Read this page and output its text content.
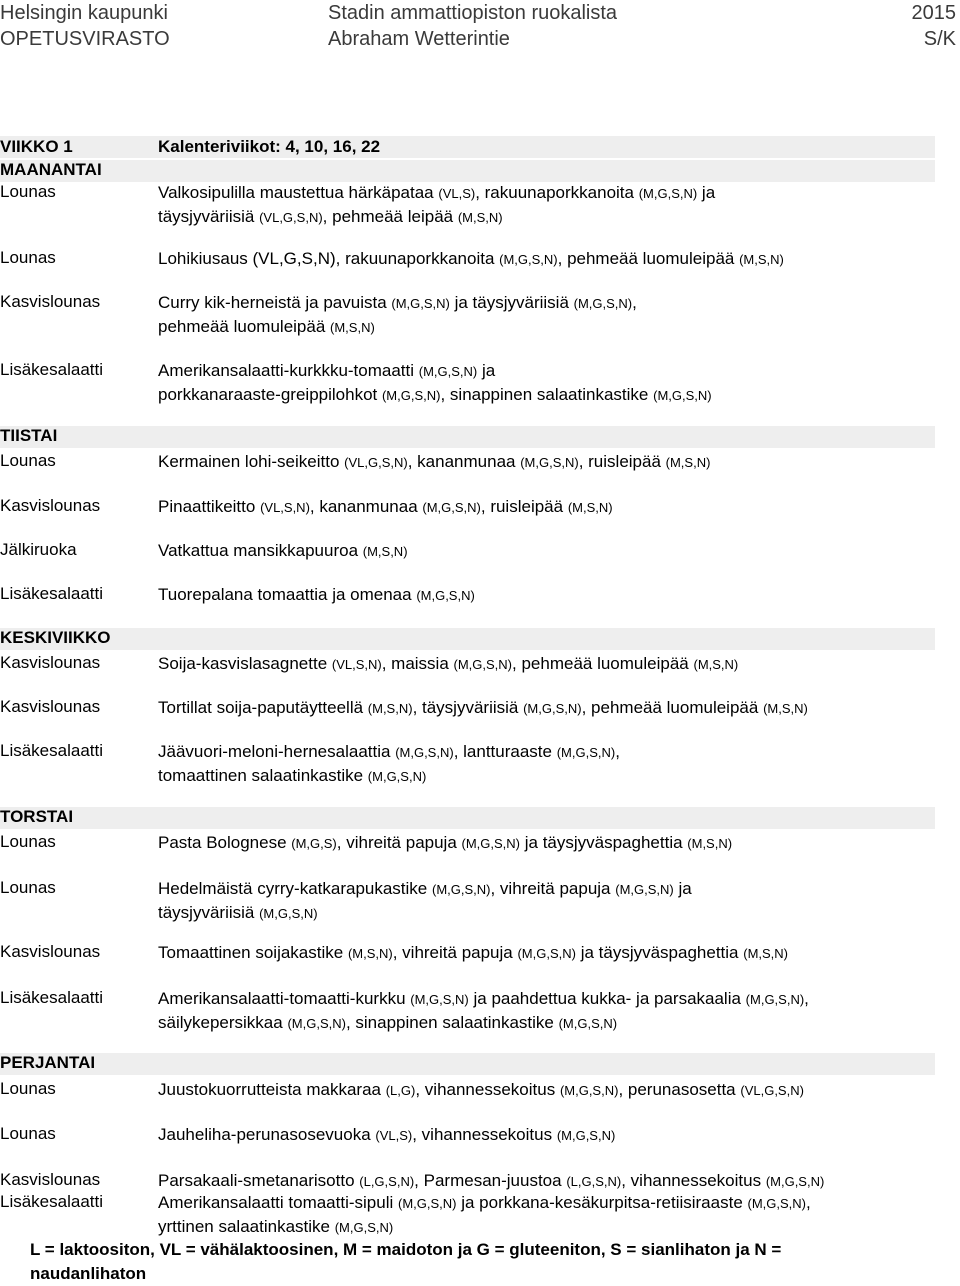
Helsingin kaupunki
OPETUSVIRASTO
Stadin ammattiopiston ruokalista
Abraham Wetterintie
2015
S/K
VIIKKO 1	Kalenteriviikot: 4, 10, 16, 22
MAANANTAI
Lounas	Valkosipulilla maustettua härkäpataa (VL,S), rakuunaporkkanoita (M,G,S,N) ja
täysjyväriisiä (VL,G,S,N), pehmeää leipää (M,S,N)
Lounas	Lohikiusaus (VL,G,S,N), rakuunaporkkanoita (M,G,S,N), pehmeää luomuleipää (M,S,N)
Kasvislounas	Curry kik-herneistä ja pavuista (M,G,S,N) ja täysjyväriisiä (M,G,S,N),
pehmeää luomuleipää (M,S,N)
Lisäkesalaatti	Amerikansalaatti-kurkkku-tomaatti (M,G,S,N) ja
porkkanaraaste-greippilohkot (M,G,S,N), sinappinen salaatinkastike (M,G,S,N)
TIISTAI
Lounas	Kermainen lohi-seikeitto (VL,G,S,N), kananmunaa (M,G,S,N), ruisleipää (M,S,N)
Kasvislounas	Pinaattikeitto (VL,S,N), kananmunaa (M,G,S,N), ruisleipää (M,S,N)
Jälkiruoka	Vatkattua mansikkapuuroa (M,S,N)
Lisäkesalaatti	Tuorepalana tomaattia ja omenaa (M,G,S,N)
KESKIVIIKKO
Kasvislounas	Soija-kasvislasagnette (VL,S,N), maissia (M,G,S,N), pehmeää luomuleipää (M,S,N)
Kasvislounas	Tortillat soija-paputäytteellä (M,S,N), täysjyväriisiä (M,G,S,N), pehmeää luomuleipää (M,S,N)
Lisäkesalaatti	Jäävuori-meloni-hernesalaattia (M,G,S,N), lantturaaste (M,G,S,N),
tomaattinen salaatinkastike (M,G,S,N)
TORSTAI
Lounas	Pasta Bolognese (M,G,S), vihreitä papuja (M,G,S,N) ja täysjyväspaghettia (M,S,N)
Lounas	Hedelmäistä cyrry-katkarapukastike (M,G,S,N), vihreitä papuja (M,G,S,N) ja
täysjyväriisiä (M,G,S,N)
Kasvislounas	Tomaattinen soijakastike (M,S,N), vihreitä papuja (M,G,S,N) ja täysjyväspaghettia (M,S,N)
Lisäkesalaatti	Amerikansalaatti-tomaatti-kurkku (M,G,S,N) ja paahdettua kukka- ja parsakaalia (M,G,S,N),
säilykepersikkaa (M,G,S,N), sinappinen salaatinkastike (M,G,S,N)
PERJANTAI
Lounas	Juustokuorrutteista makkaraa (L,G), vihannessekoitus (M,G,S,N), perunasosetta (VL,G,S,N)
Lounas	Jauheliha-perunasosevuoka (VL,S), vihannessekoitus (M,G,S,N)
Kasvislounas	Parsakaali-smetanarisotto (L,G,S,N), Parmesan-juustoa (L,G,S,N), vihannessekoitus (M,G,S,N)
Lisäkesalaatti	Amerikansalaatti tomaatti-sipuli (M,G,S,N) ja porkkana-kesäkurpitsa-retiisiraaste (M,G,S,N),
yrttinen salaatinkastike (M,G,S,N)
L = laktoositon, VL = vähälaktoosinen, M = maidoton ja G = gluteeniton, S = sianlihaton ja N =
naudanlihaton
